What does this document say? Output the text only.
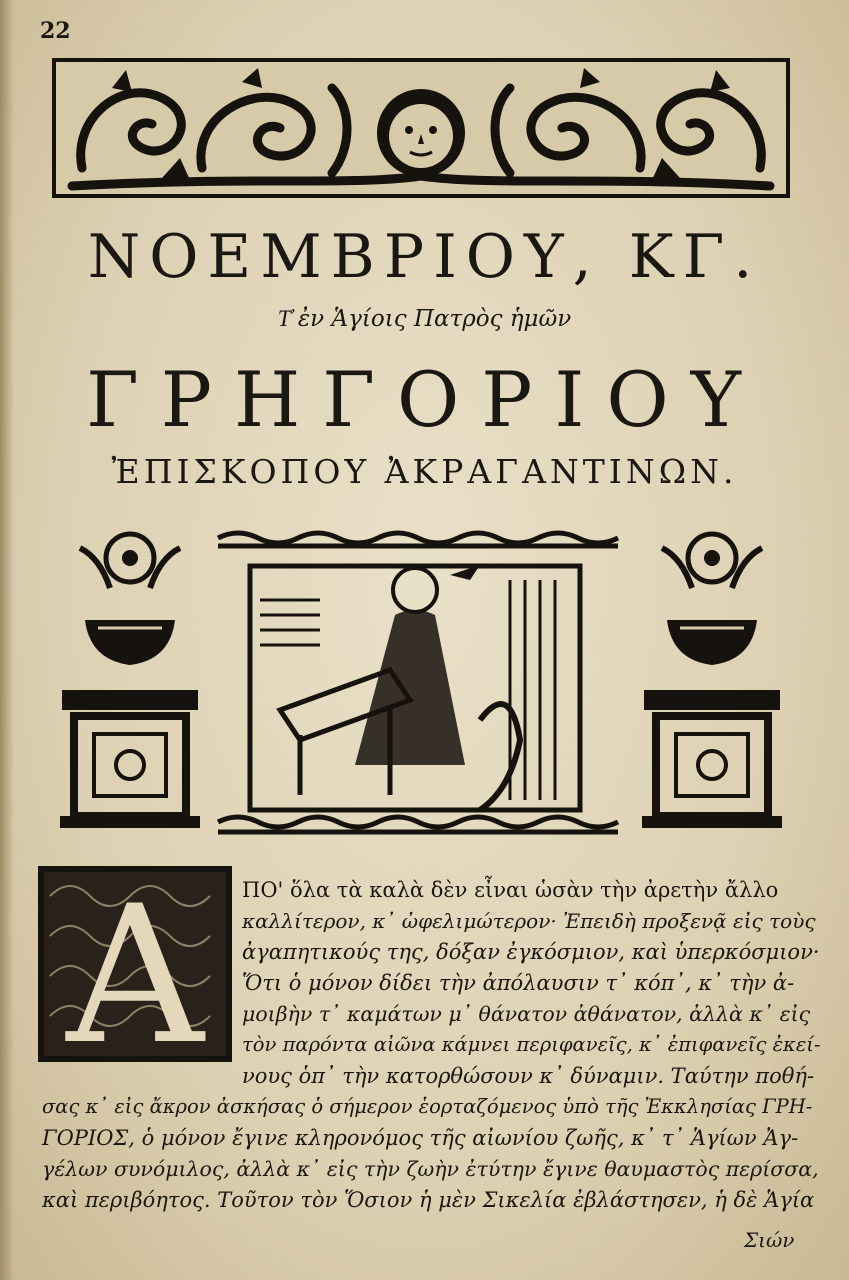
22
ΝΟΕΜΒΡΙΟΥ, ΚΓ.
Τ҆ ἐν Ἁγίοις Πατρὸς ἡμῶν
ΓΡΗΓΟΡΙΟΥ
ἘΠΙΣΚΟΠΟΥ ἈΚΡΑΓΑΝΤΙΝΩΝ.
Α ΠΟ' ὅλα τὰ καλὰ δὲν εἶναι ὡσὰν τὴν ἀρετὴν ἄλλο
καλλίτερον, κ᾽ ὠφελιμώτερον· Ἐπειδὴ προξενᾷ εἰς τοὺς
ἀγαπητικούς της, δόξαν ἐγκόσμιον, καὶ ὑπερκόσμιον·
Ὅτι ὁ μόνον δίδει τὴν ἀπόλαυσιν τ᾽ κόπ᾽, κ᾽ τὴν ἀ-
μοιβὴν τ᾽ καμάτων μ᾽ θάνατον ἀθάνατον, ἀλλὰ κ᾽ εἰς
τὸν παρόντα αἰῶνα κάμνει περιφανεῖς, κ᾽ ἐπιφανεῖς ἐκεί-
νους ὁπ᾽ τὴν κατορθώσουν κ᾽ δύναμιν. Ταύτην ποθή-
σας κ᾽ εἰς ἄκρον ἀσκήσας ὁ σήμερον ἑορταζόμενος ὑπὸ τῆς Ἐκκλησίας ΓΡΗ-
ΓΟΡΙΟΣ, ὁ μόνον ἔγινε κληρονόμος τῆς αἰωνίου ζωῆς, κ᾽ τ᾽ Ἁγίων Ἀγ-
γέλων συνόμιλος, ἀλλὰ κ᾽ εἰς τὴν ζωὴν ἐτύτην ἔγινε θαυμαστὸς περίσσα,
καὶ περιβόητος. Τοῦτον τὸν Ὅσιον ἡ μὲν Σικελία ἐβλάστησεν, ἡ δὲ Ἁγία
Σιών
